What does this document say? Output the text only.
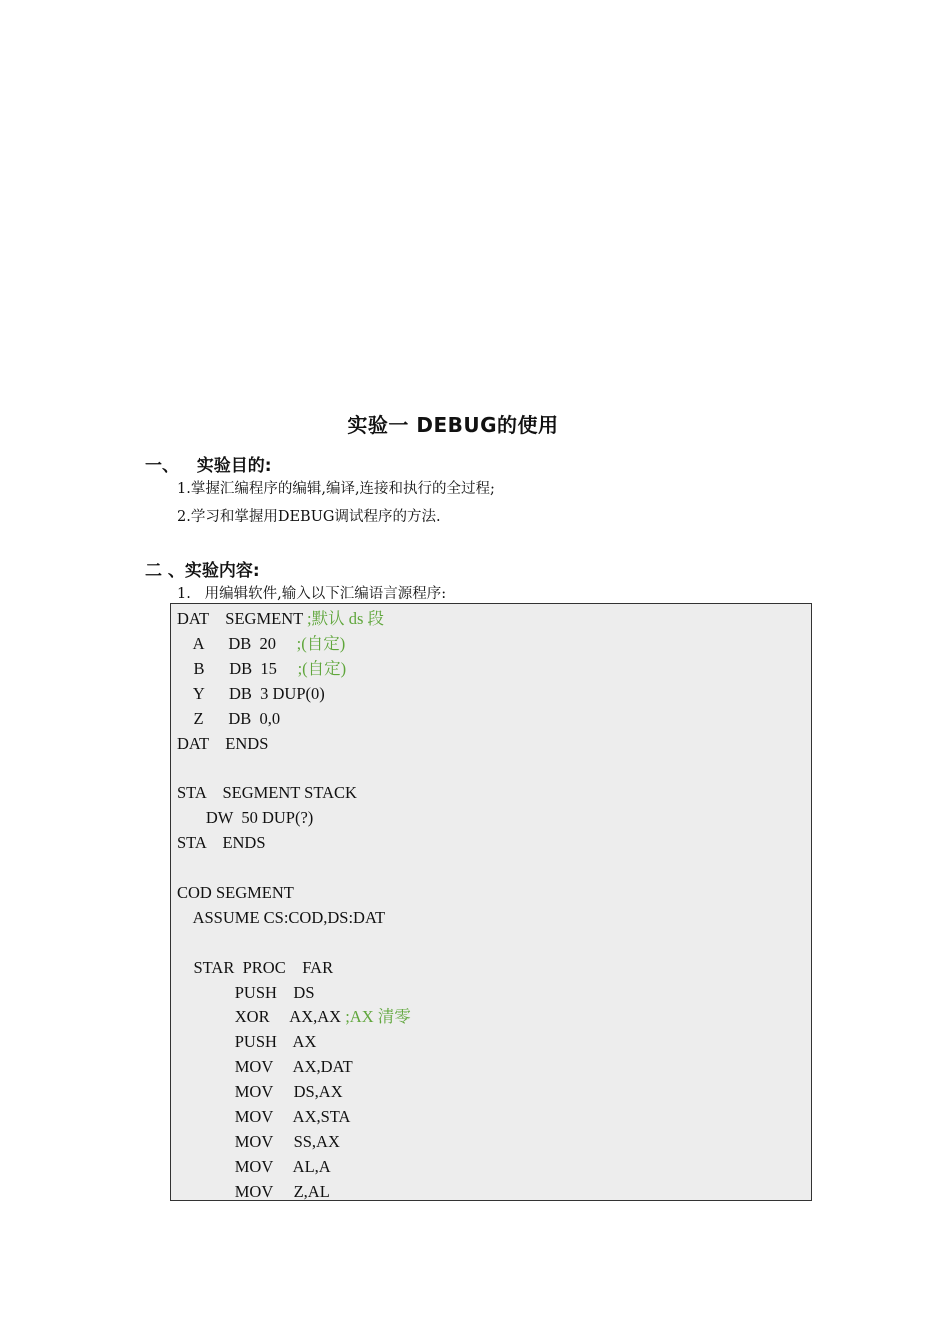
实验一 DEBUG的使用
一、   实验目的:
1.掌握汇编程序的编辑,编译,连接和执行的全过程;
2.学习和掌握用DEBUG调试程序的方法.
二 、实验内容:
1.   用编辑软件,输入以下汇编语言源程序:
DAT    SEGMENT ;默认 ds 段
A      DB  20     ;(自定)
B      DB  15     ;(自定)
Y      DB  3 DUP(0)
Z      DB  0,0
DAT    ENDS
STA    SEGMENT STACK
DW  50 DUP(?)
STA    ENDS
COD SEGMENT
ASSUME CS:COD,DS:DAT
STAR  PROC    FAR
PUSH    DS
XOR     AX,AX ;AX 清零
PUSH    AX
MOV     AX,DAT
MOV     DS,AX
MOV     AX,STA
MOV     SS,AX
MOV     AL,A
MOV     Z,AL
